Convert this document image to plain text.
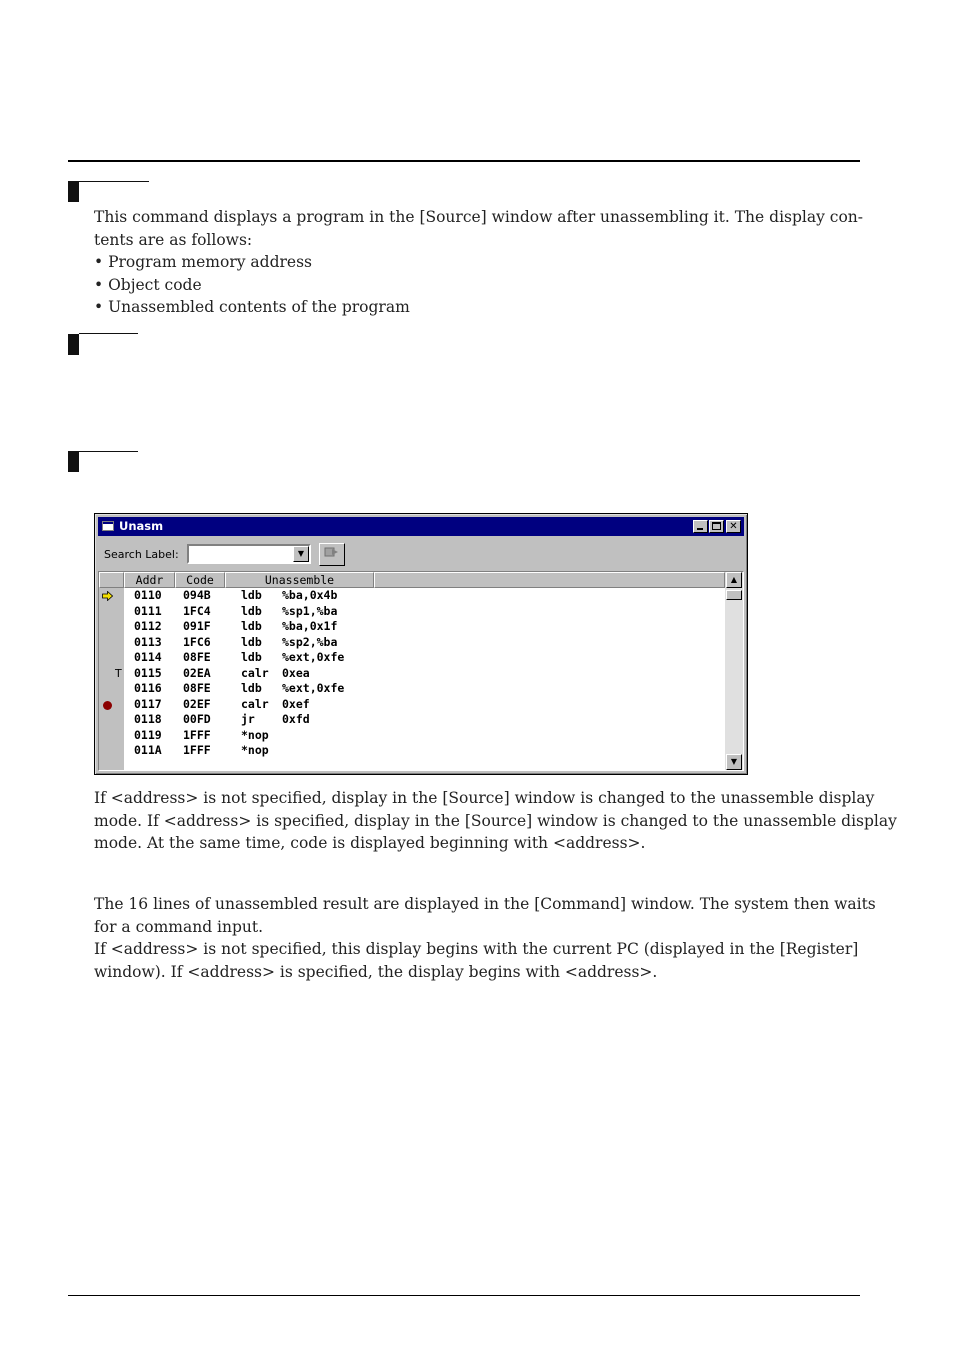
This command displays a program in the [Source] window after unassembling it. The display con-

tents are as follows:

• Program memory address

• Object code

• Unassembled contents of the program

Unasm	✕
Search Label:	▼
Addr	Code	Unassemble
0110 094B	ldb %ba,0x4b
0111 1FC4	ldb %sp1,%ba
0112 091F	ldb %ba,0x1f
0113 1FC6	ldb %sp2,%ba
0114 08FE	ldb %ext,0xfe
T 0115 02EA	calr 0xea
0116 08FE	ldb %ext,0xfe
0117 02EF	calr 0xef
0118 00FD	jr 0xfd
0119 1FFF	*nop
011A 1FFF	*nop
▲
▼

If <address> is not specified, display in the [Source] window is changed to the unassemble display

mode. If <address> is specified, display in the [Source] window is changed to the unassemble display

mode. At the same time, code is displayed beginning with <address>.

The 16 lines of unassembled result are displayed in the [Command] window. The system then waits

for a command input.

If <address> is not specified, this display begins with the current PC (displayed in the [Register]

window). If <address> is specified, the display begins with <address>.
